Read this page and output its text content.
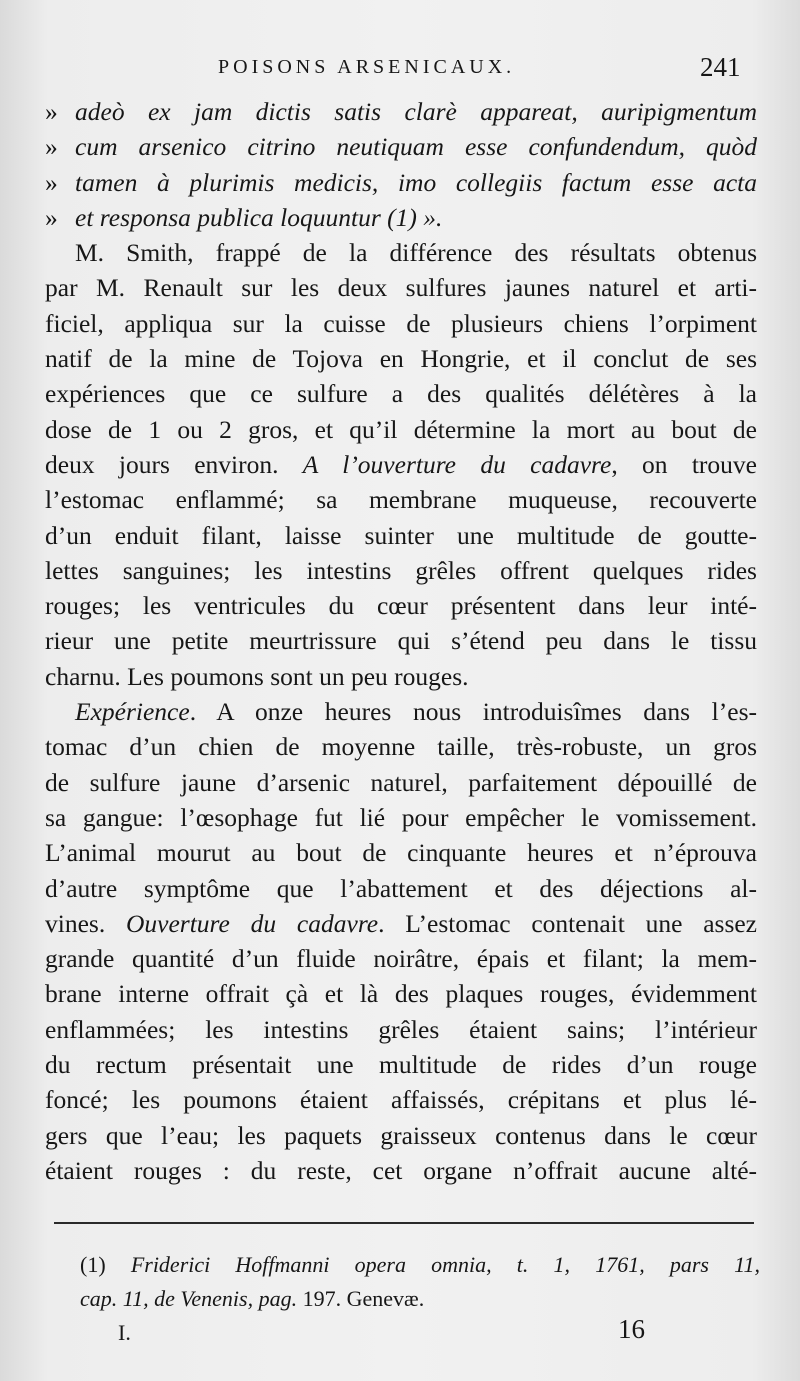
POISONS ARSENICAUX.	241
» adeò ex jam dictis satis clarè appareat, auripigmentum
» cum arsenico citrino neutiquam esse confundendum, quòd
» tamen à plurimis medicis, imo collegiis factum esse acta
» et responsa publica loquuntur (1) ».
M. Smith, frappé de la différence des résultats obtenus
par M. Renault sur les deux sulfures jaunes naturel et arti-
ficiel, appliqua sur la cuisse de plusieurs chiens l’orpiment
natif de la mine de Tojova en Hongrie, et il conclut de ses
expériences que ce sulfure a des qualités délétères à la
dose de 1 ou 2 gros, et qu’il détermine la mort au bout de
deux jours environ. A l’ouverture du cadavre, on trouve
l’estomac enflammé; sa membrane muqueuse, recouverte
d’un enduit filant, laisse suinter une multitude de goutte-
lettes sanguines; les intestins grêles offrent quelques rides
rouges; les ventricules du cœur présentent dans leur inté-
rieur une petite meurtrissure qui s’étend peu dans le tissu
charnu. Les poumons sont un peu rouges.
Expérience. A onze heures nous introduisîmes dans l’es-
tomac d’un chien de moyenne taille, très-robuste, un gros
de sulfure jaune d’arsenic naturel, parfaitement dépouillé de
sa gangue: l’œsophage fut lié pour empêcher le vomissement.
L’animal mourut au bout de cinquante heures et n’éprouva
d’autre symptôme que l’abattement et des déjections al-
vines. Ouverture du cadavre. L’estomac contenait une assez
grande quantité d’un fluide noirâtre, épais et filant; la mem-
brane interne offrait çà et là des plaques rouges, évidemment
enflammées; les intestins grêles étaient sains; l’intérieur
du rectum présentait une multitude de rides d’un rouge
foncé; les poumons étaient affaissés, crépitans et plus lé-
gers que l’eau; les paquets graisseux contenus dans le cœur
étaient rouges : du reste, cet organe n’offrait aucune alté-
(1) Friderici Hoffmanni opera omnia, t. 1, 1761, pars 11,
cap. 11, de Venenis, pag. 197. Genevæ.
I.	16
